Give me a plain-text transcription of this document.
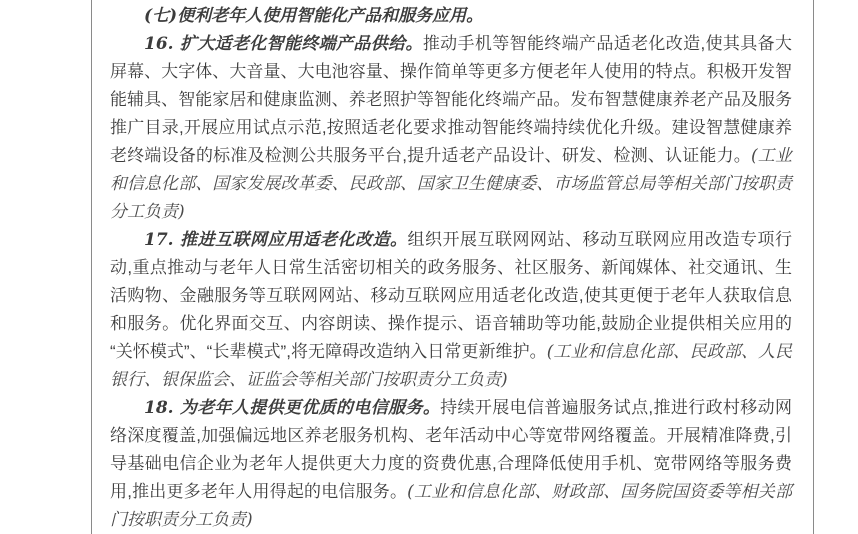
(七)便利老年人使用智能化产品和服务应用。

16. 扩大适老化智能终端产品供给。推动手机等智能终端产品适老化改造,使其具备大屏幕、大字体、大音量、大电池容量、操作简单等更多方便老年人使用的特点。积极开发智能辅具、智能家居和健康监测、养老照护等智能化终端产品。发布智慧健康养老产品及服务推广目录,开展应用试点示范,按照适老化要求推动智能终端持续优化升级。建设智慧健康养老终端设备的标准及检测公共服务平台,提升适老产品设计、研发、检测、认证能力。(工业和信息化部、国家发展改革委、民政部、国家卫生健康委、市场监管总局等相关部门按职责分工负责)

17. 推进互联网应用适老化改造。组织开展互联网网站、移动互联网应用改造专项行动,重点推动与老年人日常生活密切相关的政务服务、社区服务、新闻媒体、社交通讯、生活购物、金融服务等互联网网站、移动互联网应用适老化改造,使其更便于老年人获取信息和服务。优化界面交互、内容朗读、操作提示、语音辅助等功能,鼓励企业提供相关应用的“关怀模式”、“长辈模式”,将无障碍改造纳入日常更新维护。(工业和信息化部、民政部、人民银行、银保监会、证监会等相关部门按职责分工负责)

18. 为老年人提供更优质的电信服务。持续开展电信普遍服务试点,推进行政村移动网络深度覆盖,加强偏远地区养老服务机构、老年活动中心等宽带网络覆盖。开展精准降费,引导基础电信企业为老年人提供更大力度的资费优惠,合理降低使用手机、宽带网络等服务费用,推出更多老年人用得起的电信服务。(工业和信息化部、财政部、国务院国资委等相关部门按职责分工负责)
